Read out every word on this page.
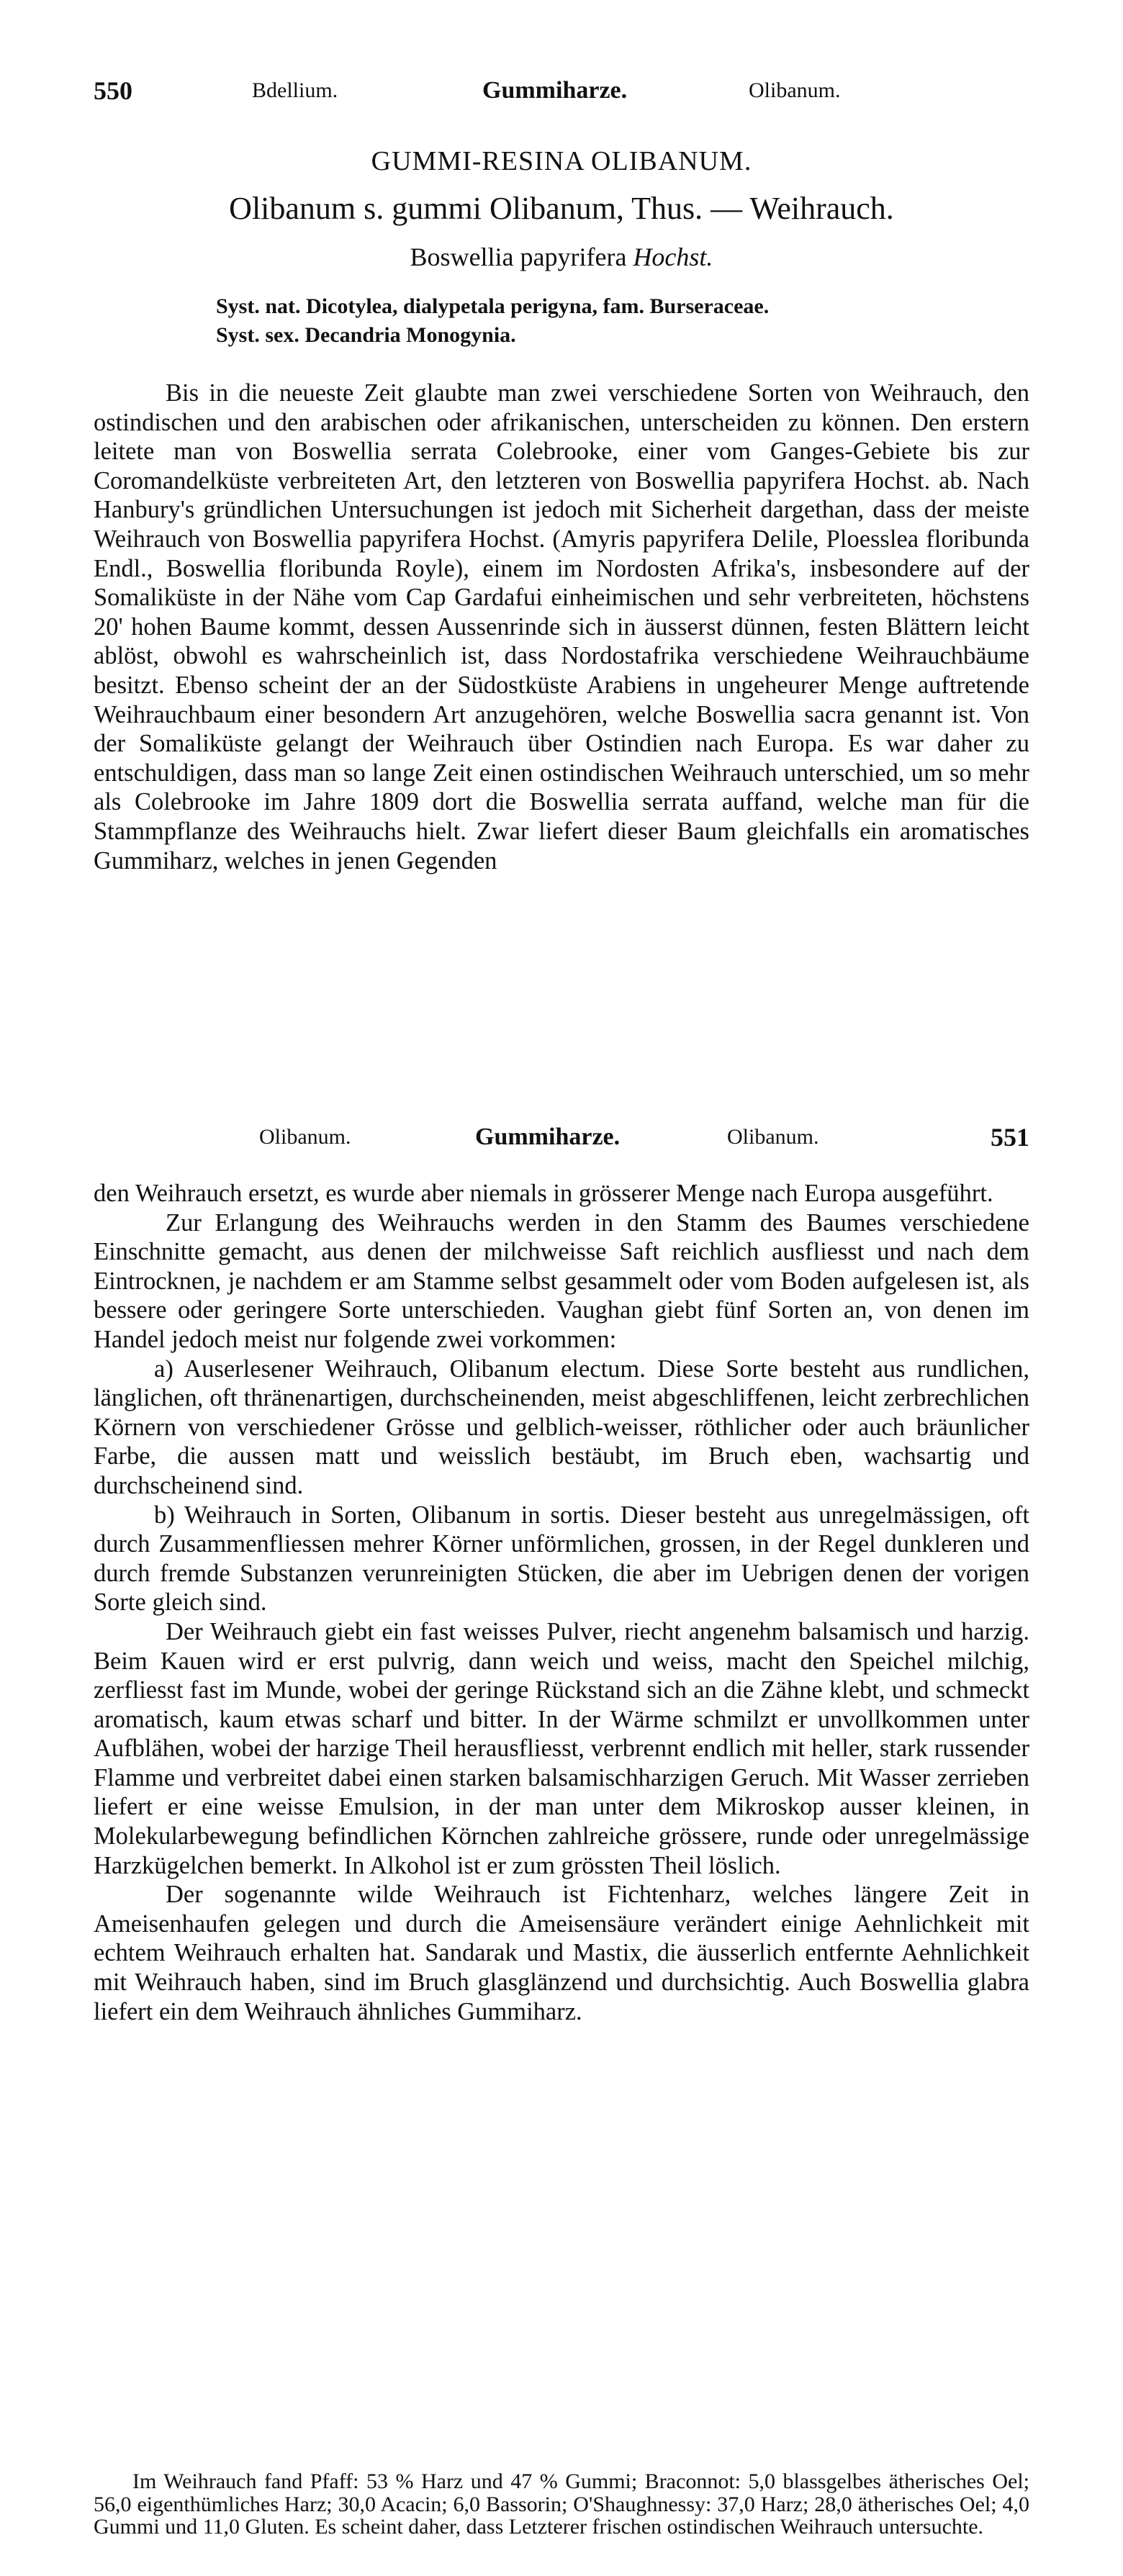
550	Bdellium.	Gummiharze.	Olibanum.
GUMMI-RESINA OLIBANUM.
Olibanum s. gummi Olibanum, Thus. — Weihrauch.
Boswellia papyrifera Hochst.
Syst. nat. Dicotylea, dialypetala perigyna, fam. Burseraceae.
Syst. sex. Decandria Monogynia.

Bis in die neueste Zeit glaubte man zwei verschiedene Sorten von Weihrauch, den ostindischen und den arabischen oder afrikanischen, unterscheiden zu können. Den erstern leitete man von Boswellia serrata Colebrooke, einer vom Ganges-Gebiete bis zur Coromandelküste verbreiteten Art, den letzteren von Boswellia papyrifera Hochst. ab. Nach Hanbury's gründlichen Untersuchungen ist jedoch mit Sicherheit dargethan, dass der meiste Weihrauch von Boswellia papyrifera Hochst. (Amyris papyrifera Delile, Ploesslea floribunda Endl., Boswellia floribunda Royle), einem im Nordosten Afrika's, insbesondere auf der Somaliküste in der Nähe vom Cap Gardafui einheimischen und sehr verbreiteten, höchstens 20' hohen Baume kommt, dessen Aussenrinde sich in äusserst dünnen, festen Blättern leicht ablöst, obwohl es wahrscheinlich ist, dass Nordostafrika verschiedene Weihrauchbäume besitzt. Ebenso scheint der an der Südostküste Arabiens in ungeheurer Menge auftretende Weihrauchbaum einer besondern Art anzugehören, welche Boswellia sacra genannt ist. Von der Somaliküste gelangt der Weihrauch über Ostindien nach Europa. Es war daher zu entschuldigen, dass man so lange Zeit einen ostindischen Weihrauch unterschied, um so mehr als Colebrooke im Jahre 1809 dort die Boswellia serrata auffand, welche man für die Stammpflanze des Weihrauchs hielt. Zwar liefert dieser Baum gleichfalls ein aromatisches Gummiharz, welches in jenen Gegenden

Olibanum.	Gummiharze.	Olibanum.	551

den Weihrauch ersetzt, es wurde aber niemals in grösserer Menge nach Europa ausgeführt.

Zur Erlangung des Weihrauchs werden in den Stamm des Baumes verschiedene Einschnitte gemacht, aus denen der milchweisse Saft reichlich ausfliesst und nach dem Eintrocknen, je nachdem er am Stamme selbst gesammelt oder vom Boden aufgelesen ist, als bessere oder geringere Sorte unterschieden. Vaughan giebt fünf Sorten an, von denen im Handel jedoch meist nur folgende zwei vorkommen:

a) Auserlesener Weihrauch, Olibanum electum. Diese Sorte besteht aus rundlichen, länglichen, oft thränenartigen, durchscheinenden, meist abgeschliffenen, leicht zerbrechlichen Körnern von verschiedener Grösse und gelblich-weisser, röthlicher oder auch bräunlicher Farbe, die aussen matt und weisslich bestäubt, im Bruch eben, wachsartig und durchscheinend sind.

b) Weihrauch in Sorten, Olibanum in sortis. Dieser besteht aus unregelmässigen, oft durch Zusammenfliessen mehrer Körner unförmlichen, grossen, in der Regel dunkleren und durch fremde Substanzen verunreinigten Stücken, die aber im Uebrigen denen der vorigen Sorte gleich sind.

Der Weihrauch giebt ein fast weisses Pulver, riecht angenehm balsamisch und harzig. Beim Kauen wird er erst pulvrig, dann weich und weiss, macht den Speichel milchig, zerfliesst fast im Munde, wobei der geringe Rückstand sich an die Zähne klebt, und schmeckt aromatisch, kaum etwas scharf und bitter. In der Wärme schmilzt er unvollkommen unter Aufblähen, wobei der harzige Theil herausfliesst, verbrennt endlich mit heller, stark russender Flamme und verbreitet dabei einen starken balsamischharzigen Geruch. Mit Wasser zerrieben liefert er eine weisse Emulsion, in der man unter dem Mikroskop ausser kleinen, in Molekularbewegung befindlichen Körnchen zahlreiche grössere, runde oder unregelmässige Harzkügelchen bemerkt. In Alkohol ist er zum grössten Theil löslich.

Der sogenannte wilde Weihrauch ist Fichtenharz, welches längere Zeit in Ameisenhaufen gelegen und durch die Ameisensäure verändert einige Aehnlichkeit mit echtem Weihrauch erhalten hat. Sandarak und Mastix, die äusserlich entfernte Aehnlichkeit mit Weihrauch haben, sind im Bruch glasglänzend und durchsichtig. Auch Boswellia glabra liefert ein dem Weihrauch ähnliches Gummiharz.

Im Weihrauch fand Pfaff: 53 % Harz und 47 % Gummi; Braconnot: 5,0 blassgelbes ätherisches Oel; 56,0 eigenthümliches Harz; 30,0 Acacin; 6,0 Bassorin; O'Shaughnessy: 37,0 Harz; 28,0 ätherisches Oel; 4,0 Gummi und 11,0 Gluten. Es scheint daher, dass Letzterer frischen ostindischen Weihrauch untersuchte.
